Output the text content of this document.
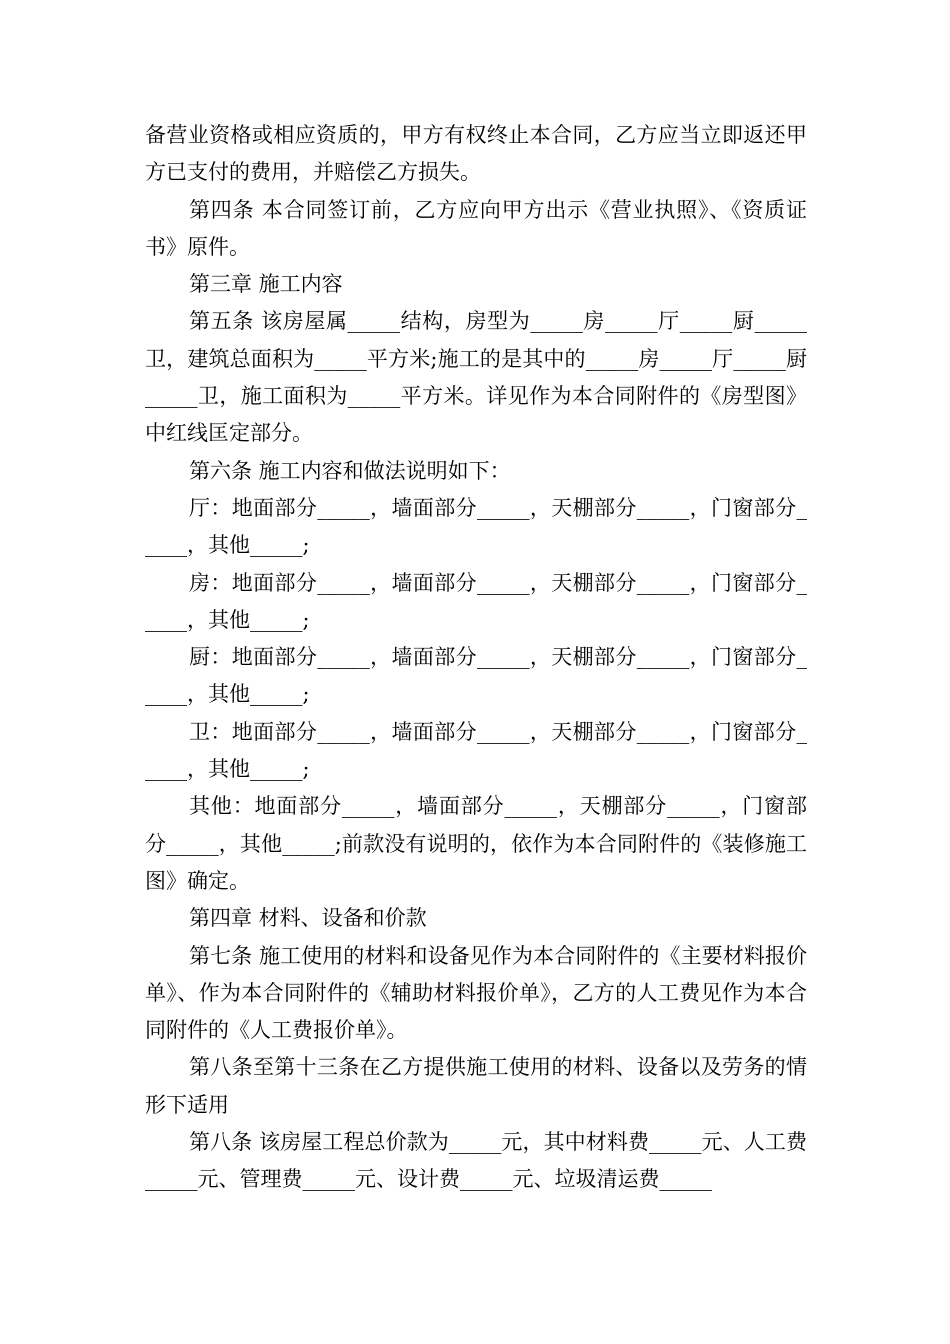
备营业资格或相应资质的，甲方有权终止本合同，乙方应当立即返还甲方已支付的费用，并赔偿乙方损失。

第四条 本合同签订前，乙方应向甲方出示《营业执照》、《资质证书》原件。

第三章 施工内容

第五条 该房屋属_____结构，房型为_____房_____厅_____厨_____卫，建筑总面积为_____平方米;施工的是其中的_____房_____厅_____厨_____卫，施工面积为_____平方米。详见作为本合同附件的《房型图》中红线匡定部分。

第六条 施工内容和做法说明如下：

厅：地面部分_____，墙面部分_____，天棚部分_____，门窗部分_____，其他_____;

房：地面部分_____，墙面部分_____，天棚部分_____，门窗部分_____，其他_____;

厨：地面部分_____，墙面部分_____，天棚部分_____，门窗部分_____，其他_____;

卫：地面部分_____，墙面部分_____，天棚部分_____，门窗部分_____，其他_____;

其他：地面部分_____，墙面部分_____，天棚部分_____，门窗部分_____，其他_____;前款没有说明的，依作为本合同附件的《装修施工图》确定。

第四章 材料、设备和价款

第七条 施工使用的材料和设备见作为本合同附件的《主要材料报价单》、作为本合同附件的《辅助材料报价单》，乙方的人工费见作为本合同附件的《人工费报价单》。

第八条至第十三条在乙方提供施工使用的材料、设备以及劳务的情形下适用

第八条 该房屋工程总价款为_____元，其中材料费_____元、人工费_____元、管理费_____元、设计费_____元、垃圾清运费_____
